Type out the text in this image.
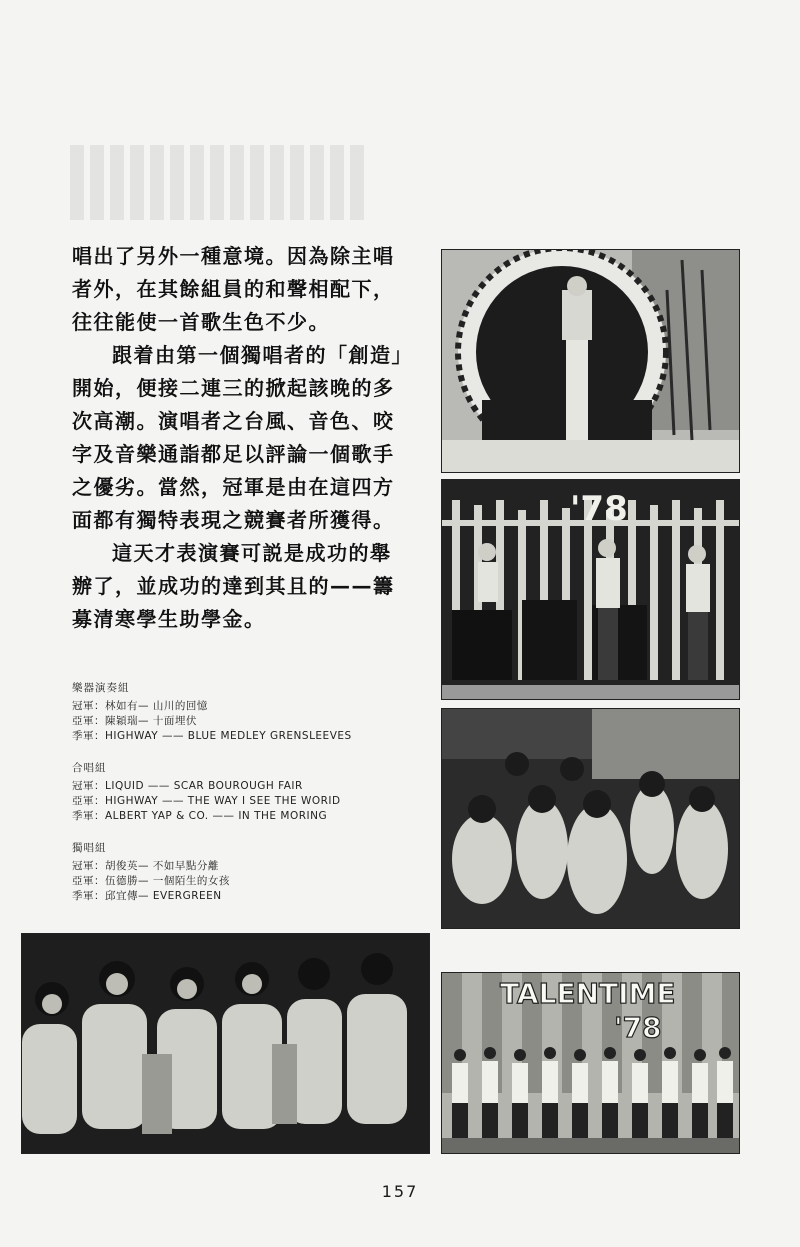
唱出了另外一種意境。因為除主唱者外，在其餘組員的和聲相配下，往往能使一首歌生色不少。

跟着由第一個獨唱者的「創造」開始，便接二連三的掀起該晚的多次高潮。演唱者之台風、音色、咬字及音樂通詣都足以評論一個歌手之優劣。當然，冠軍是由在這四方面都有獨特表現之競賽者所獲得。

這天才表演賽可説是成功的舉辦了，並成功的達到其且的——籌募清寒學生助學金。

樂器演奏組
冠軍：林如有— 山川的回憶
亞軍：陳穎瑞— 十面埋伏
季軍：HIGHWAY —— BLUE MEDLEY GRENSLEEVES
合唱組
冠軍：LIQUID —— SCAR BOUROUGH FAIR
亞軍：HIGHWAY —— THE WAY I SEE THE WORID
季軍：ALBERT YAP & CO. —— IN THE MORING
獨唱組
冠軍：胡俊英— 不如早點分離
亞軍：伍德勝— 一個陌生的女孩
季軍：邱宜傳— EVERGREEN
'78
TALENTIME
'78
157
